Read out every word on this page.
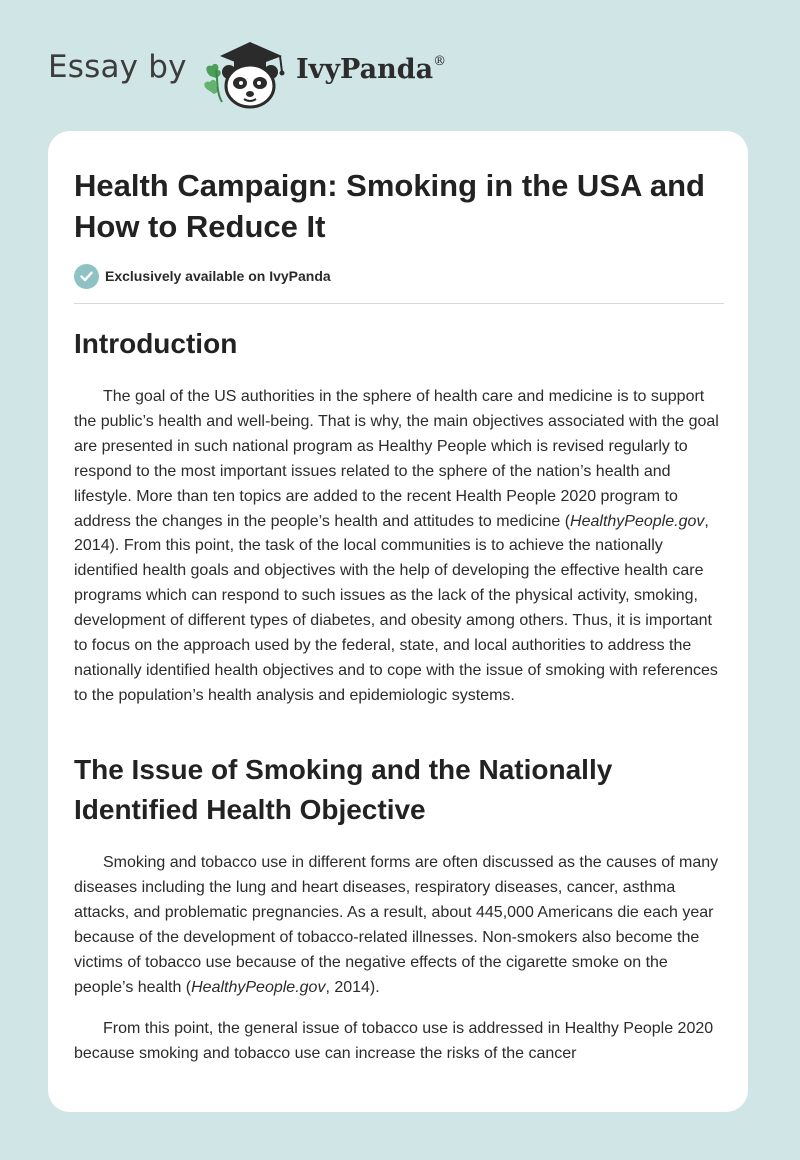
Essay by	IvyPanda®
Health Campaign: Smoking in the USA and How to Reduce It
Exclusively available on IvyPanda
Introduction

The goal of the US authorities in the sphere of health care and medicine is to support the public’s health and well-being. That is why, the main objectives associated with the goal are presented in such national program as Healthy People which is revised regularly to respond to the most important issues related to the sphere of the nation’s health and lifestyle. More than ten topics are added to the recent Health People 2020 program to address the changes in the people’s health and attitudes to medicine (HealthyPeople.gov, 2014). From this point, the task of the local communities is to achieve the nationally identified health goals and objectives with the help of developing the effective health care programs which can respond to such issues as the lack of the physical activity, smoking, development of different types of diabetes, and obesity among others. Thus, it is important to focus on the approach used by the federal, state, and local authorities to address the nationally identified health objectives and to cope with the issue of smoking with references to the population’s health analysis and epidemiologic systems.

The Issue of Smoking and the Nationally Identified Health Objective

Smoking and tobacco use in different forms are often discussed as the causes of many diseases including the lung and heart diseases, respiratory diseases, cancer, asthma attacks, and problematic pregnancies. As a result, about 445,000 Americans die each year because of the development of tobacco-related illnesses. Non-smokers also become the victims of tobacco use because of the negative effects of the cigarette smoke on the people’s health (HealthyPeople.gov, 2014).

From this point, the general issue of tobacco use is addressed in Healthy People 2020 because smoking and tobacco use can increase the risks of the cancer
